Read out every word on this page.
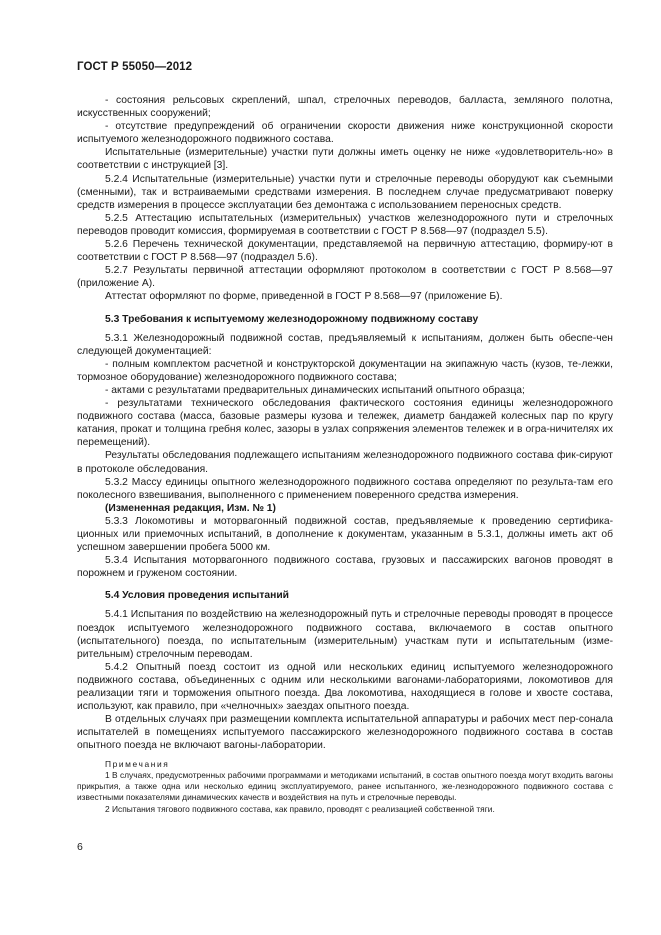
ГОСТ Р 55050—2012

- состояния рельсовых скреплений, шпал, стрелочных переводов, балласта, земляного полотна, искусственных сооружений;

- отсутствие предупреждений об ограничении скорости движения ниже конструкционной скорости испытуемого железнодорожного подвижного состава.

Испытательные (измерительные) участки пути должны иметь оценку не ниже «удовлетворитель-но» в соответствии с инструкцией [3].

5.2.4 Испытательные (измерительные) участки пути и стрелочные переводы оборудуют как съемными (сменными), так и встраиваемыми средствами измерения. В последнем случае предусматривают поверку средств измерения в процессе эксплуатации без демонтажа с использованием переносных средств.

5.2.5 Аттестацию испытательных (измерительных) участков железнодорожного пути и стрелочных переводов проводит комиссия, формируемая в соответствии с ГОСТ Р 8.568—97 (подраздел 5.5).

5.2.6 Перечень технической документации, представляемой на первичную аттестацию, формиру-ют в соответствии с ГОСТ Р 8.568—97 (подраздел 5.6).

5.2.7 Результаты первичной аттестации оформляют протоколом в соответствии с ГОСТ Р 8.568—97 (приложение А).

Аттестат оформляют по форме, приведенной в ГОСТ Р 8.568—97 (приложение Б).

5.3 Требования к испытуемому железнодорожному подвижному составу

5.3.1 Железнодорожный подвижной состав, предъявляемый к испытаниям, должен быть обеспе-чен следующей документацией:

- полным комплектом расчетной и конструкторской документации на экипажную часть (кузов, те-лежки, тормозное оборудование) железнодорожного подвижного состава;

- актами с результатами предварительных динамических испытаний опытного образца;

- результатами технического обследования фактического состояния единицы железнодорожного подвижного состава (масса, базовые размеры кузова и тележек, диаметр бандажей колесных пар по кругу катания, прокат и толщина гребня колес, зазоры в узлах сопряжения элементов тележек и в огра-ничителях их перемещений).

Результаты обследования подлежащего испытаниям железнодорожного подвижного состава фик-сируют в протоколе обследования.

5.3.2 Массу единицы опытного железнодорожного подвижного состава определяют по результа-там его поколесного взвешивания, выполненного с применением поверенного средства измерения.

(Измененная редакция, Изм. № 1)

5.3.3 Локомотивы и моторвагонный подвижной состав, предъявляемые к проведению сертифика-ционных или приемочных испытаний, в дополнение к документам, указанным в 5.3.1, должны иметь акт об успешном завершении пробега 5000 км.

5.3.4 Испытания моторвагонного подвижного состава, грузовых и пассажирских вагонов проводят в порожнем и груженом состоянии.

5.4 Условия проведения испытаний

5.4.1 Испытания по воздействию на железнодорожный путь и стрелочные переводы проводят в процессе поездок испытуемого железнодорожного подвижного состава, включаемого в состав опытного (испытательного) поезда, по испытательным (измерительным) участкам пути и испытательным (изме-рительным) стрелочным переводам.

5.4.2 Опытный поезд состоит из одной или нескольких единиц испытуемого железнодорожного подвижного состава, объединенных с одним или несколькими вагонами-лабораториями, локомотивов для реализации тяги и торможения опытного поезда. Два локомотива, находящиеся в голове и хвосте состава, используют, как правило, при «челночных» заездах опытного поезда.

В отдельных случаях при размещении комплекта испытательной аппаратуры и рабочих мест пер-сонала испытателей в помещениях испытуемого пассажирского железнодорожного подвижного состава в состав опытного поезда не включают вагоны-лаборатории.

Примечания

1 В случаях, предусмотренных рабочими программами и методиками испытаний, в состав опытного поезда могут входить вагоны прикрытия, а также одна или несколько единиц эксплуатируемого, ранее испытанного, же-лезнодорожного подвижного состава с известными показателями динамических качеств и воздействия на путь и стрелочные переводы.

2 Испытания тягового подвижного состава, как правило, проводят с реализацией собственной тяги.

6
